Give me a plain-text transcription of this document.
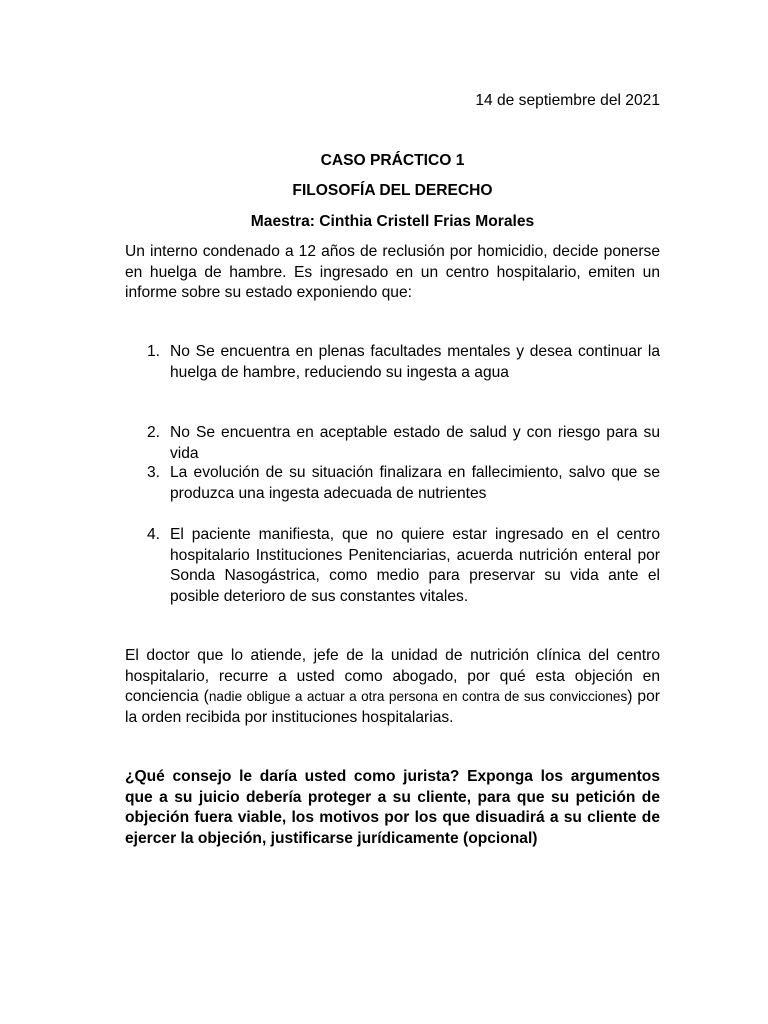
14 de septiembre del 2021

CASO PRÁCTICO 1

FILOSOFÍA DEL DERECHO

Maestra: Cinthia Cristell Frias Morales

Un interno condenado a 12 años de reclusión por homicidio, decide ponerse en huelga de hambre. Es ingresado en un centro hospitalario, emiten un informe sobre su estado exponiendo que:

1. No Se encuentra en plenas facultades mentales y desea continuar la huelga de hambre, reduciendo su ingesta a agua
2. No Se encuentra en aceptable estado de salud y con riesgo para su vida
3. La evolución de su situación finalizara en fallecimiento, salvo que se produzca una ingesta adecuada de nutrientes
4. El paciente manifiesta, que no quiere estar ingresado en el centro hospitalario Instituciones Penitenciarias, acuerda nutrición enteral por Sonda Nasogástrica, como medio para preservar su vida ante el posible deterioro de sus constantes vitales.

El doctor que lo atiende, jefe de la unidad de nutrición clínica del centro hospitalario, recurre a usted como abogado, por qué esta objeción en conciencia (nadie obligue a actuar a otra persona en contra de sus convicciones) por la orden recibida por instituciones hospitalarias.

¿Qué consejo le daría usted como jurista? Exponga los argumentos que a su juicio debería proteger a su cliente, para que su petición de objeción fuera viable, los motivos por los que disuadirá a su cliente de ejercer la objeción, justificarse jurídicamente (opcional)
